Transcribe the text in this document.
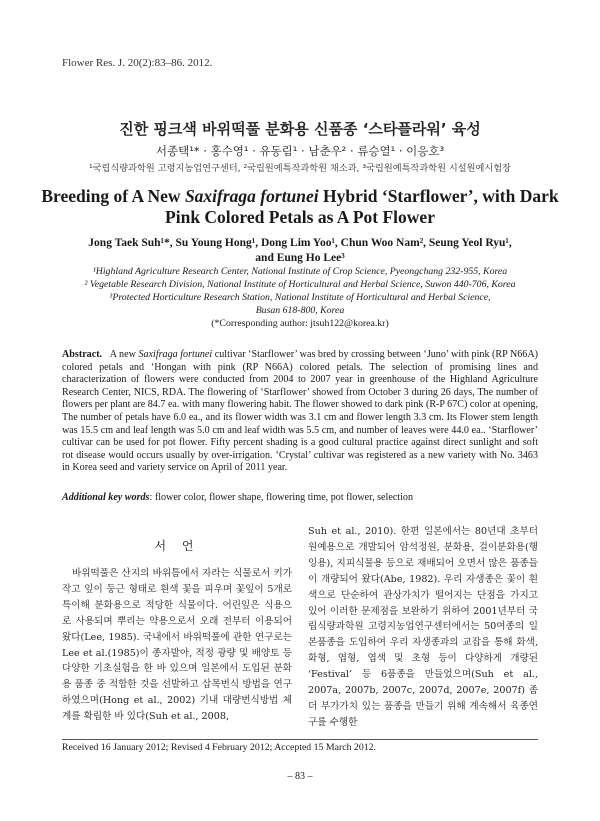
Flower Res. J. 20(2):83–86. 2012.
진한 핑크색 바위떡풀 분화용 신품종 ‘스타플라워’ 육성
서종택¹* · 홍수영¹ · 유동림¹ · 남춘우² · 류승열¹ · 이응호³
¹국립식량과학원 고령지농업연구센터, ²국립원예특작과학원 채소과, ³국립원예특작과학원 시설원예시험장
Breeding of A New Saxifraga fortunei Hybrid ‘Starflower’, with Dark Pink Colored Petals as A Pot Flower
Jong Taek Suh¹*, Su Young Hong¹, Dong Lim Yoo¹, Chun Woo Nam², Seung Yeol Ryu¹,
and Eung Ho Lee³
¹Highland Agriculture Research Center, National Institute of Crop Science, Pyeongchang 232-955, Korea
² Vegetable Research Division, National Institute of Horticultural and Herbal Science, Suwon 440-706, Korea
³Protected Horticulture Research Station, National Institute of Horticultural and Herbal Science,
Busan 618-800, Korea
(*Corresponding author: jtsuh122@korea.kr)
Abstract. A new Saxifraga fortunei cultivar ‘Starflower’ was bred by crossing between ‘Juno’ with pink (RP N66A) colored petals and ‘Hongan with pink (RP N66A) colored petals. The selection of promising lines and characterization of flowers were conducted from 2004 to 2007 year in greenhouse of the Highland Agriculture Research Center, NICS, RDA. The flowering of ‘Starflower’ showed from October 3 during 26 days, The number of flowers per plant are 84.7 ea. with many flowering habit. The flower showed to dark pink (R-P 67C) color at opening, The number of petals have 6.0 ea., and its flower width was 3.1 cm and flower length 3.3 cm. Its Flower stem length was 15.5 cm and leaf length was 5.0 cm and leaf width was 5.5 cm, and number of leaves were 44.0 ea.. ‘Starflower’ cultivar can be used for pot flower. Fifty percent shading is a good cultural practice against direct sunlight and soft rot disease would occurs usually by over-irrigation. ‘Crystal’ cultivar was registered as a new variety with No. 3463 in Korea seed and variety service on April of 2011 year.
Additional key words: flower color, flower shape, flowering time, pot flower, selection
서 언

바위떡풀은 산지의 바위틈에서 자라는 식물로서 키가 작고 잎이 둥근 형태로 흰색 꽃을 피우며 꽃잎이 5개로 특이해 분화용으로 적당한 식물이다. 어린잎은 식용으로 사용되며 뿌리는 약용으로서 오래 전부터 이용되어 왔다(Lee, 1985). 국내에서 바위떡풀에 관한 연구로는 Lee et al.(1985)이 종자발아, 적정 광량 및 배양토 등 다양한 기초실험을 한 바 있으며 일본에서 도입된 분화용 품종 중 적합한 것을 선발하고 삽목번식 방법을 연구하였으며(Hong et al., 2002) 기내 대량번식방법 체계를 확립한 바 있다(Suh et al., 2008,

Suh et al., 2010). 한편 일본에서는 80년대 초부터 원예용으로 개발되어 암석정원, 분화용, 걸이분화용(행잉용), 지피식물용 등으로 재배되어 오면서 많은 품종들이 개량되어 왔다(Abe, 1982). 우리 자생종은 꽃이 흰색으로 단순하여 관상가치가 떨어지는 단점을 가지고 있어 이러한 문제점을 보완하기 위하여 2001년부터 국립식량과학원 고령지농업연구센터에서는 50여종의 일본품종을 도입하여 우리 자생종과의 교잡을 통해 화색, 화형, 엽형, 엽색 및 초형 등이 다양하게 개량된 ‘Festival’ 등 6품종을 만들었으며(Suh et al., 2007a, 2007b, 2007c, 2007d, 2007e, 2007f) 좀더 부가가치 있는 품종을 만들기 위해 계속해서 육종연구를 수행한

Received 16 January 2012; Revised 4 February 2012; Accepted 15 March 2012.
– 83 –
